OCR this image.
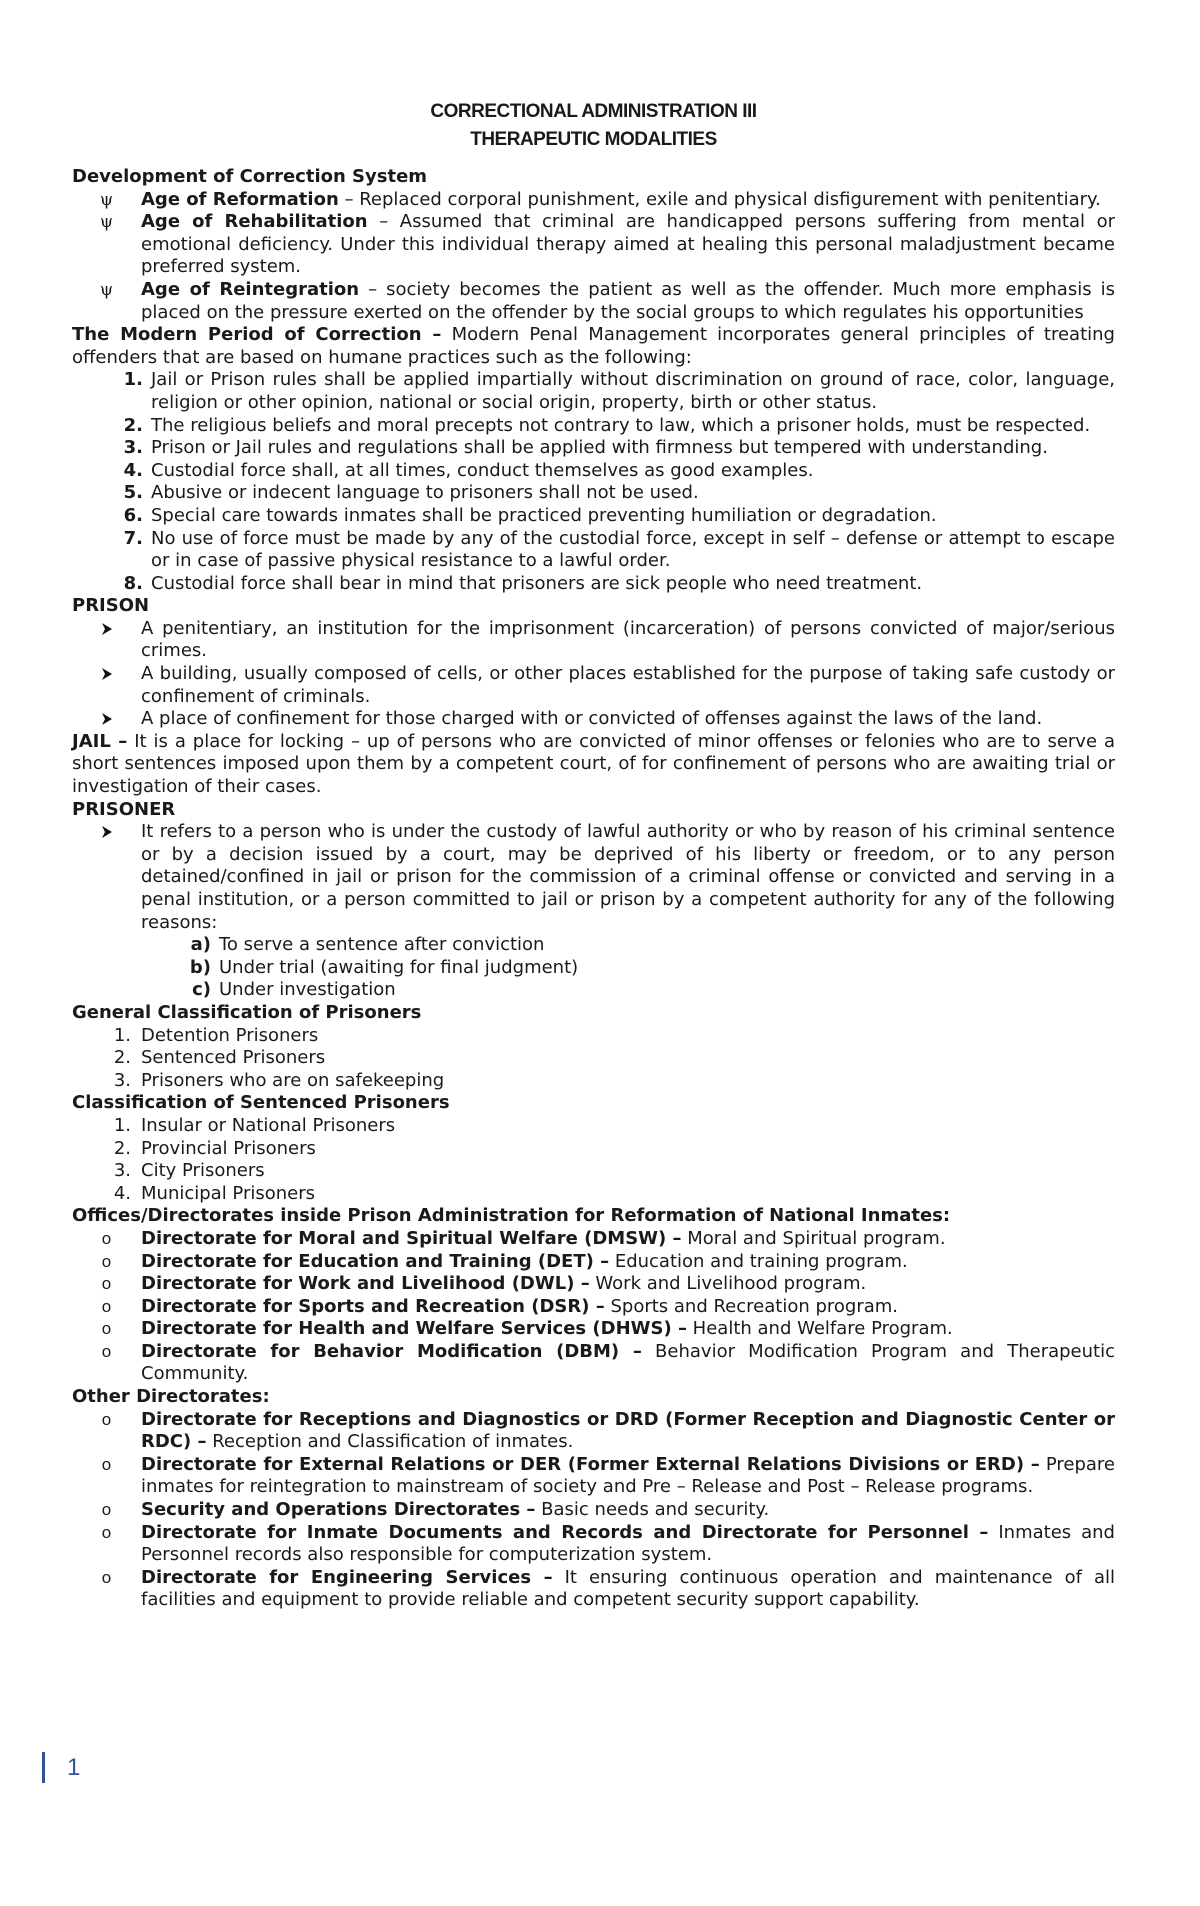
CORRECTIONAL ADMINISTRATION III
THERAPEUTIC MODALITIES
Development of Correction System
ψ	Age of Reformation – Replaced corporal punishment, exile and physical disfigurement with penitentiary.
ψ	Age of Rehabilitation – Assumed that criminal are handicapped persons suffering from mental or emotional deficiency. Under this individual therapy aimed at healing this personal maladjustment became preferred system.
ψ	Age of Reintegration – society becomes the patient as well as the offender. Much more emphasis is placed on the pressure exerted on the offender by the social groups to which regulates his opportunities
The Modern Period of Correction – Modern Penal Management incorporates general principles of treating offenders that are based on humane practices such as the following:
1. Jail or Prison rules shall be applied impartially without discrimination on ground of race, color, language, religion or other opinion, national or social origin, property, birth or other status.
2. The religious beliefs and moral precepts not contrary to law, which a prisoner holds, must be respected.
3. Prison or Jail rules and regulations shall be applied with firmness but tempered with understanding.
4. Custodial force shall, at all times, conduct themselves as good examples.
5. Abusive or indecent language to prisoners shall not be used.
6. Special care towards inmates shall be practiced preventing humiliation or degradation.
7. No use of force must be made by any of the custodial force, except in self – defense or attempt to escape or in case of passive physical resistance to a lawful order.
8. Custodial force shall bear in mind that prisoners are sick people who need treatment.
PRISON
A penitentiary, an institution for the imprisonment (incarceration) of persons convicted of major/serious crimes.
A building, usually composed of cells, or other places established for the purpose of taking safe custody or confinement of criminals.
A place of confinement for those charged with or convicted of offenses against the laws of the land.
JAIL – It is a place for locking – up of persons who are convicted of minor offenses or felonies who are to serve a short sentences imposed upon them by a competent court, of for confinement of persons who are awaiting trial or investigation of their cases.
PRISONER
It refers to a person who is under the custody of lawful authority or who by reason of his criminal sentence or by a decision issued by a court, may be deprived of his liberty or freedom, or to any person detained/confined in jail or prison for the commission of a criminal offense or convicted and serving in a penal institution, or a person committed to jail or prison by a competent authority for any of the following reasons:
a) To serve a sentence after conviction
b) Under trial (awaiting for final judgment)
c) Under investigation
General Classification of Prisoners
1. Detention Prisoners
2. Sentenced Prisoners
3. Prisoners who are on safekeeping
Classification of Sentenced Prisoners
1. Insular or National Prisoners
2. Provincial Prisoners
3. City Prisoners
4. Municipal Prisoners
Offices/Directorates inside Prison Administration for Reformation of National Inmates:
o	Directorate for Moral and Spiritual Welfare (DMSW) – Moral and Spiritual program.
o	Directorate for Education and Training (DET) – Education and training program.
o	Directorate for Work and Livelihood (DWL) – Work and Livelihood program.
o	Directorate for Sports and Recreation (DSR) – Sports and Recreation program.
o	Directorate for Health and Welfare Services (DHWS) – Health and Welfare Program.
o	Directorate for Behavior Modification (DBM) – Behavior Modification Program and Therapeutic Community.
Other Directorates:
o	Directorate for Receptions and Diagnostics or DRD (Former Reception and Diagnostic Center or RDC) – Reception and Classification of inmates.
o	Directorate for External Relations or DER (Former External Relations Divisions or ERD) – Prepare inmates for reintegration to mainstream of society and Pre – Release and Post – Release programs.
o	Security and Operations Directorates – Basic needs and security.
o	Directorate for Inmate Documents and Records and Directorate for Personnel – Inmates and Personnel records also responsible for computerization system.
o	Directorate for Engineering Services – It ensuring continuous operation and maintenance of all facilities and equipment to provide reliable and competent security support capability.
1
